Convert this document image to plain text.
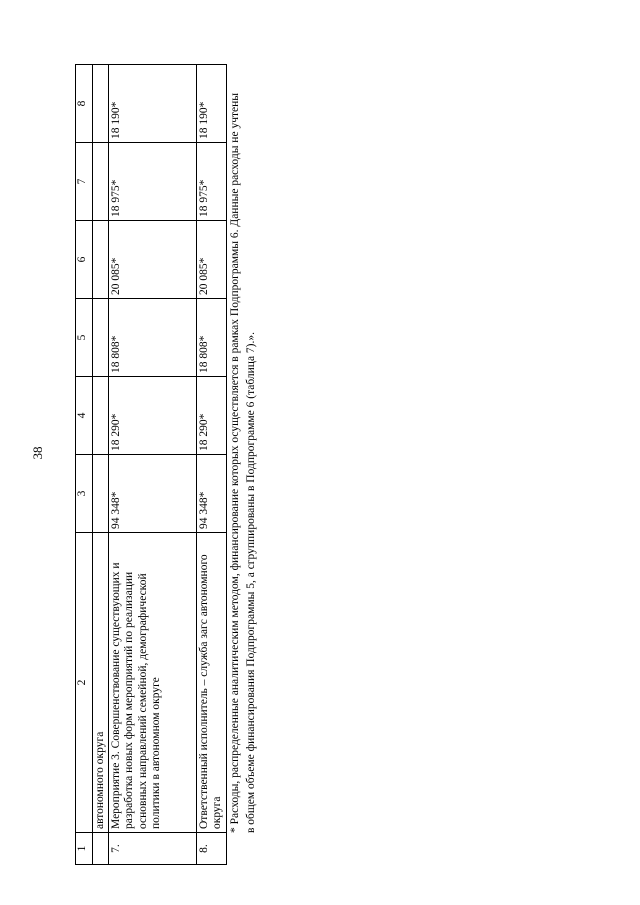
38
1	2	3	4	5	6	7	8
	автономного округа						
7.	Мероприятие 3. Совершенствование существующих и разработка новых форм мероприятий по реализации основных направлений семейной, демографической политики в автономном округе	94 348*	18 290*	18 808*	20 085*	18 975*	18 190*
8.	Ответственный исполнитель – служба загс автономного округа	94 348*	18 290*	18 808*	20 085*	18 975*	18 190* * Расходы, распределенные аналитическим методом, финансирование которых осуществляется в рамках Подпрограммы 6. Данные расходы не учтены в общем объеме финансирования Подпрограммы 5, а сгруппированы в Подпрограмме 6 (таблица 7).».
